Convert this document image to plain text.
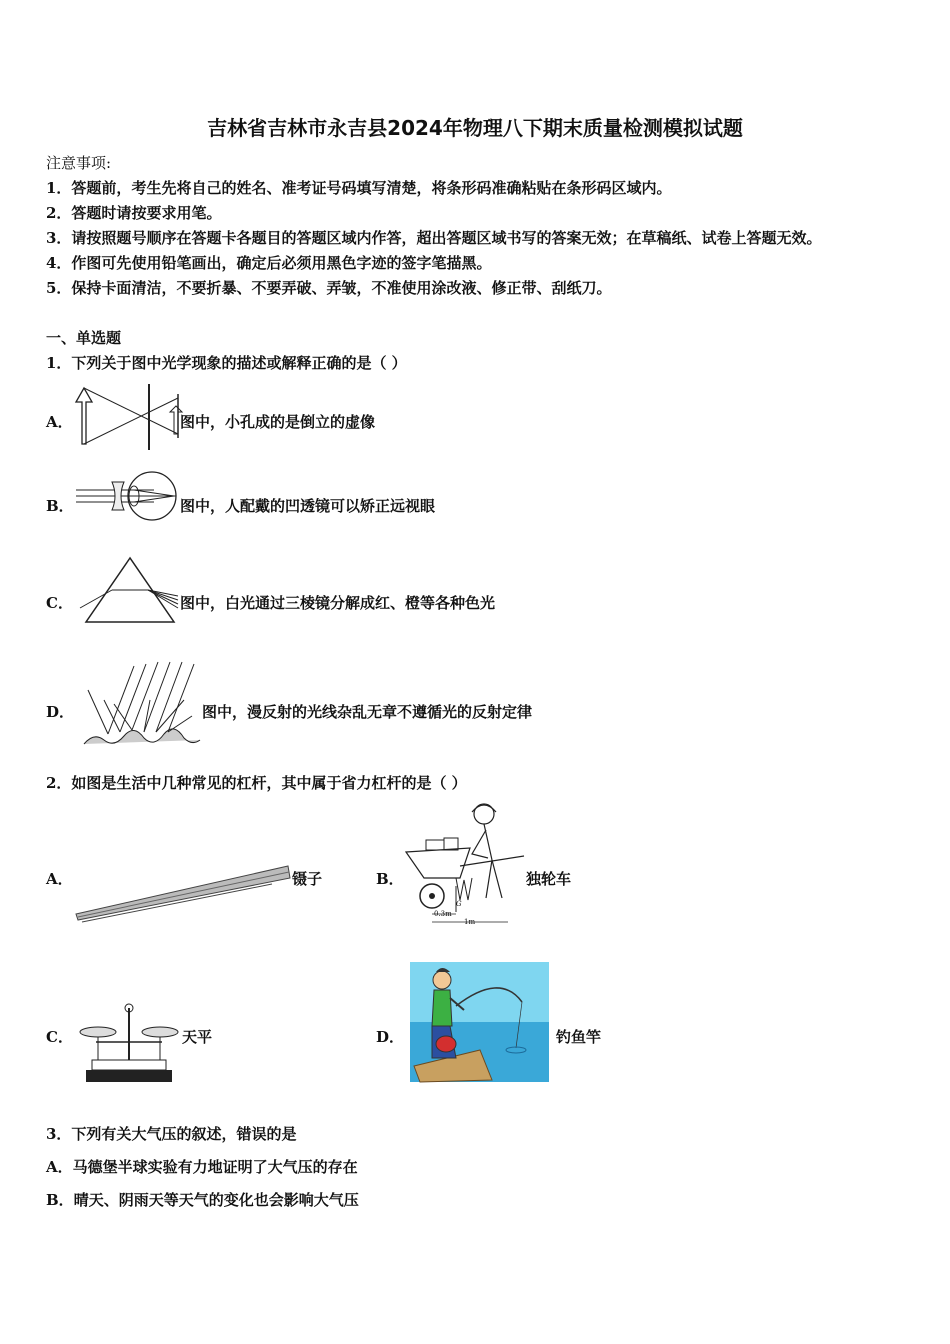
吉林省吉林市永吉县2024年物理八下期末质量检测模拟试题
注意事项:
1．答题前，考生先将自己的姓名、准考证号码填写清楚，将条形码准确粘贴在条形码区域内。
2．答题时请按要求用笔。
3．请按照题号顺序在答题卡各题目的答题区域内作答，超出答题区域书写的答案无效；在草稿纸、试卷上答题无效。
4．作图可先使用铅笔画出，确定后必须用黑色字迹的签字笔描黑。
5．保持卡面清洁，不要折暴、不要弄破、弄皱，不准使用涂改液、修正带、刮纸刀。
一、单选题
1．下列关于图中光学现象的描述或解释正确的是（ ）
A．	图中，小孔成的是倒立的虚像
B．	图中，人配戴的凹透镜可以矫正远视眼
C．	图中，白光通过三棱镜分解成红、橙等各种色光
D．	图中，漫反射的光线杂乱无章不遵循光的反射定律
2．如图是生活中几种常见的杠杆，其中属于省力杠杆的是（ ）
A．	镊子	B．
G
0.3m
1m
独轮车
C．	天平	D．	钓鱼竿
3．下列有关大气压的叙述，错误的是
A．马德堡半球实验有力地证明了大气压的存在
B．晴天、阴雨天等天气的变化也会影响大气压
